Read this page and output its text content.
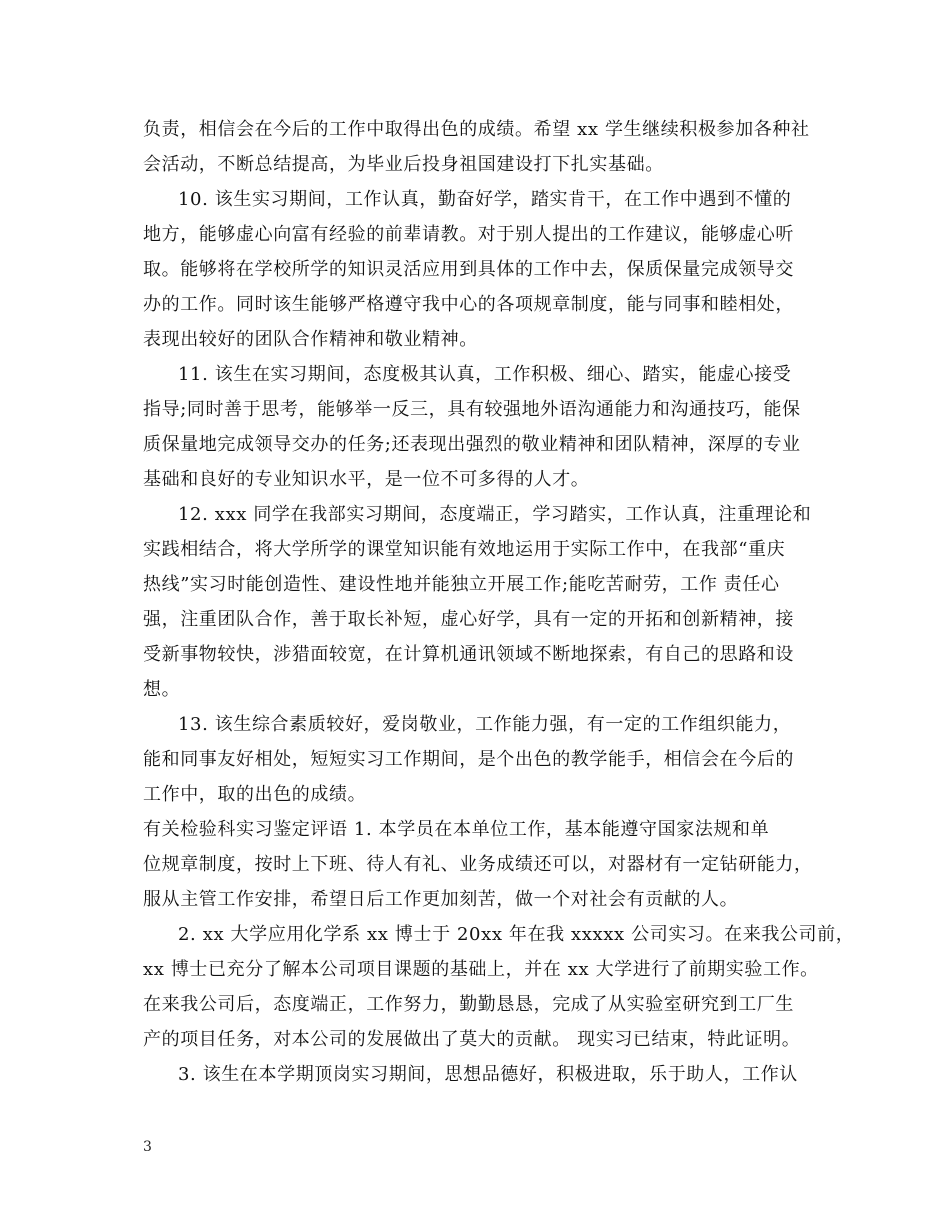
负责，相信会在今后的工作中取得出色的成绩。希望 xx 学生继续积极参加各种社
会活动，不断总结提高，为毕业后投身祖国建设打下扎实基础。
10. 该生实习期间，工作认真，勤奋好学，踏实肯干，在工作中遇到不懂的
地方，能够虚心向富有经验的前辈请教。对于别人提出的工作建议，能够虚心听
取。能够将在学校所学的知识灵活应用到具体的工作中去，保质保量完成领导交
办的工作。同时该生能够严格遵守我中心的各项规章制度，能与同事和睦相处，
表现出较好的团队合作精神和敬业精神。
11. 该生在实习期间，态度极其认真，工作积极、细心、踏实，能虚心接受
指导;同时善于思考，能够举一反三，具有较强地外语沟通能力和沟通技巧，能保
质保量地完成领导交办的任务;还表现出强烈的敬业精神和团队精神，深厚的专业
基础和良好的专业知识水平，是一位不可多得的人才。
12. xxx 同学在我部实习期间，态度端正，学习踏实，工作认真，注重理论和
实践相结合，将大学所学的课堂知识能有效地运用于实际工作中，在我部“重庆
热线”实习时能创造性、建设性地并能独立开展工作;能吃苦耐劳，工作 责任心
强，注重团队合作，善于取长补短，虚心好学，具有一定的开拓和创新精神，接
受新事物较快，涉猎面较宽，在计算机通讯领域不断地探索，有自己的思路和设
想。
13. 该生综合素质较好，爱岗敬业，工作能力强，有一定的工作组织能力，
能和同事友好相处，短短实习工作期间，是个出色的教学能手，相信会在今后的
工作中，取的出色的成绩。
有关检验科实习鉴定评语 1. 本学员在本单位工作，基本能遵守国家法规和单
位规章制度，按时上下班、待人有礼、业务成绩还可以，对器材有一定钻研能力，
服从主管工作安排，希望日后工作更加刻苦，做一个对社会有贡献的人。
2. xx 大学应用化学系 xx 博士于 20xx 年在我 xxxxx 公司实习。在来我公司前，
xx 博士已充分了解本公司项目课题的基础上，并在 xx 大学进行了前期实验工作。
在来我公司后，态度端正，工作努力，勤勤恳恳，完成了从实验室研究到工厂生
产的项目任务，对本公司的发展做出了莫大的贡献。 现实习已结束，特此证明。
3. 该生在本学期顶岗实习期间，思想品德好，积极进取，乐于助人，工作认
3
